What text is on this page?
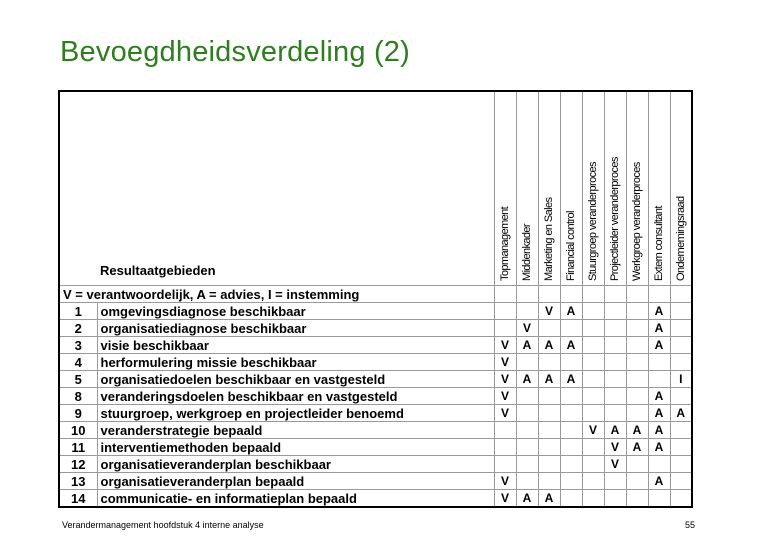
Bevoegdheidsverdeling (2)
Resultaatgebieden		Topmanagement	Middenkader	Marketing en Sales	Financial control	Stuurgroep veranderproces	Projectleider veranderproces	Werkgroep veranderproces	Extern consultant	Ondernemingsraad

V = verantwoordelijk, A = advies, I = instemming										
1	omgevingsdiagnose beschikbaar			V	A				A	
2	organisatiediagnose beschikbaar		V						A	
3	visie beschikbaar	V	A	A	A				A	
4	herformulering missie beschikbaar	V								
5	organisatiedoelen beschikbaar en vastgesteld	V	A	A	A					I
8	veranderingsdoelen beschikbaar en vastgesteld	V							A	
9	stuurgroep, werkgroep en projectleider benoemd	V							A	A
10	veranderstrategie bepaald					V	A	A	A	
11	interventiemethoden bepaald						V	A	A	
12	organisatieveranderplan beschikbaar						V			
13	organisatieveranderplan bepaald	V							A	
14	communicatie- en informatieplan bepaald	V	A	A						
Verandermanagement hoofdstuk 4 interne analyse	55
